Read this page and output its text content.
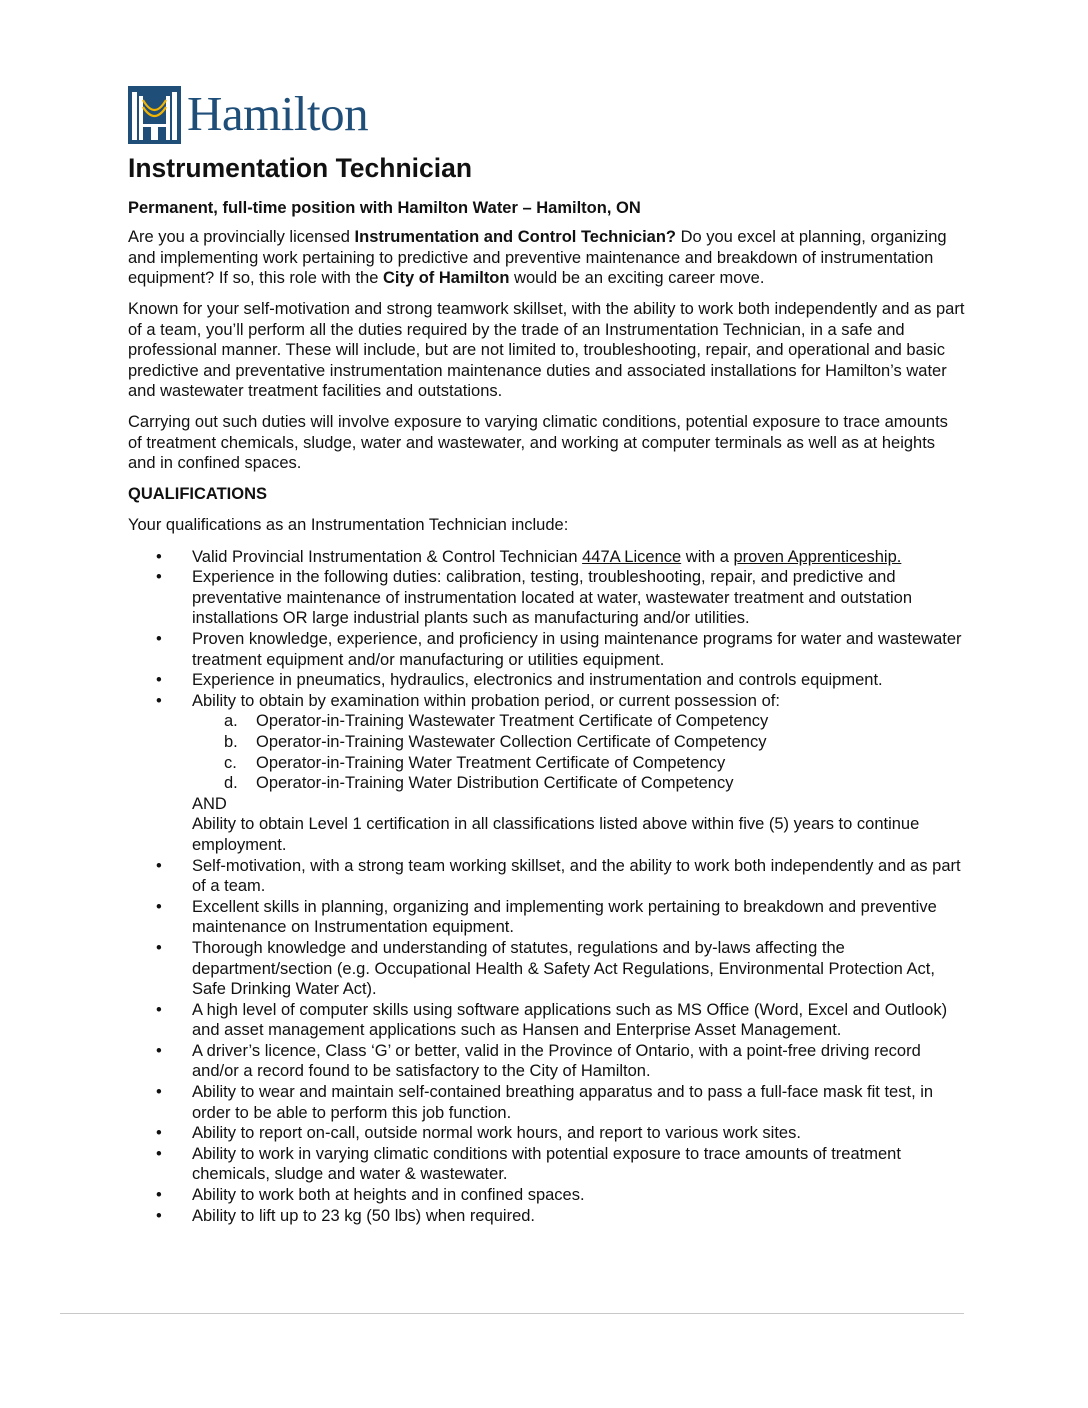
Hamilton
Instrumentation Technician
Permanent, full-time position with Hamilton Water – Hamilton, ON

Are you a provincially licensed Instrumentation and Control Technician? Do you excel at planning, organizing and implementing work pertaining to predictive and preventive maintenance and breakdown of instrumentation equipment? If so, this role with the City of Hamilton would be an exciting career move.

Known for your self-motivation and strong teamwork skillset, with the ability to work both independently and as part of a team, you’ll perform all the duties required by the trade of an Instrumentation Technician, in a safe and professional manner. These will include, but are not limited to, troubleshooting, repair, and operational and basic predictive and preventative instrumentation maintenance duties and associated installations for Hamilton’s water and wastewater treatment facilities and outstations.

Carrying out such duties will involve exposure to varying climatic conditions, potential exposure to trace amounts of treatment chemicals, sludge, water and wastewater, and working at computer terminals as well as at heights and in confined spaces.

QUALIFICATIONS
Your qualifications as an Instrumentation Technician include:
• Valid Provincial Instrumentation & Control Technician 447A Licence with a proven Apprenticeship.
• Experience in the following duties: calibration, testing, troubleshooting, repair, and predictive and preventative maintenance of instrumentation located at water, wastewater treatment and outstation installations OR large industrial plants such as manufacturing and/or utilities.
• Proven knowledge, experience, and proficiency in using maintenance programs for water and wastewater treatment equipment and/or manufacturing or utilities equipment.
• Experience in pneumatics, hydraulics, electronics and instrumentation and controls equipment.
• Ability to obtain by examination within probation period, or current possession of:
a. Operator-in-Training Wastewater Treatment Certificate of Competency
b. Operator-in-Training Wastewater Collection Certificate of Competency
c. Operator-in-Training Water Treatment Certificate of Competency
d. Operator-in-Training Water Distribution Certificate of Competency
AND
Ability to obtain Level 1 certification in all classifications listed above within five (5) years to continue employment.
• Self-motivation, with a strong team working skillset, and the ability to work both independently and as part of a team.
• Excellent skills in planning, organizing and implementing work pertaining to breakdown and preventive maintenance on Instrumentation equipment.
• Thorough knowledge and understanding of statutes, regulations and by-laws affecting the department/section (e.g. Occupational Health & Safety Act Regulations, Environmental Protection Act, Safe Drinking Water Act).
• A high level of computer skills using software applications such as MS Office (Word, Excel and Outlook) and asset management applications such as Hansen and Enterprise Asset Management.
• A driver’s licence, Class ‘G’ or better, valid in the Province of Ontario, with a point-free driving record and/or a record found to be satisfactory to the City of Hamilton.
• Ability to wear and maintain self-contained breathing apparatus and to pass a full-face mask fit test, in order to be able to perform this job function.
• Ability to report on-call, outside normal work hours, and report to various work sites.
• Ability to work in varying climatic conditions with potential exposure to trace amounts of treatment chemicals, sludge and water & wastewater.
• Ability to work both at heights and in confined spaces.
• Ability to lift up to 23 kg (50 lbs) when required.
